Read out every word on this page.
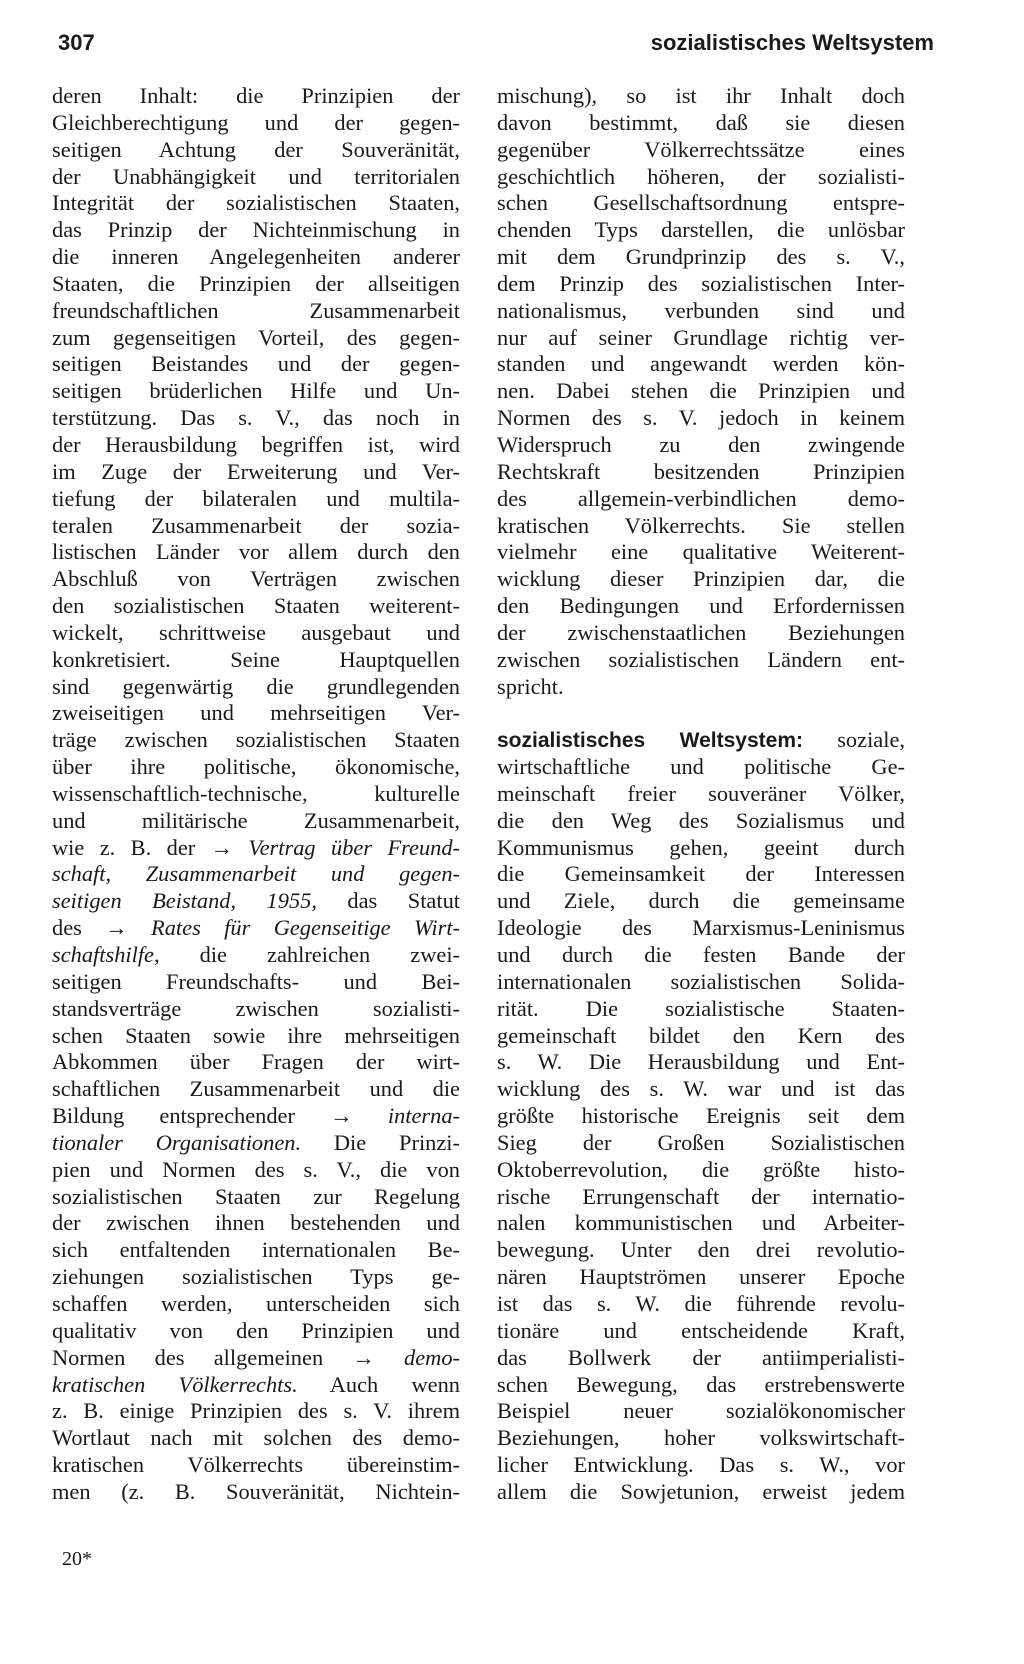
307	sozialistisches Weltsystem
deren Inhalt: die Prinzipien der
Gleichberechtigung und der gegen-
seitigen Achtung der Souveränität,
der Unabhängigkeit und territorialen
Integrität der sozialistischen Staaten,
das Prinzip der Nichteinmischung in
die inneren Angelegenheiten anderer
Staaten, die Prinzipien der allseitigen
freundschaftlichen Zusammenarbeit
zum gegenseitigen Vorteil, des gegen-
seitigen Beistandes und der gegen-
seitigen brüderlichen Hilfe und Un-
terstützung. Das s. V., das noch in
der Herausbildung begriffen ist, wird
im Zuge der Erweiterung und Ver-
tiefung der bilateralen und multila-
teralen Zusammenarbeit der sozia-
listischen Länder vor allem durch den
Abschluß von Verträgen zwischen
den sozialistischen Staaten weiterent-
wickelt, schrittweise ausgebaut und
konkretisiert. Seine Hauptquellen
sind gegenwärtig die grundlegenden
zweiseitigen und mehrseitigen Ver-
träge zwischen sozialistischen Staaten
über ihre politische, ökonomische,
wissenschaftlich-technische, kulturelle
und militärische Zusammenarbeit,
wie z. B. der → Vertrag über Freund-
schaft, Zusammenarbeit und gegen-
seitigen Beistand, 1955, das Statut
des → Rates für Gegenseitige Wirt-
schaftshilfe, die zahlreichen zwei-
seitigen Freundschafts- und Bei-
standsverträge zwischen sozialisti-
schen Staaten sowie ihre mehrseitigen
Abkommen über Fragen der wirt-
schaftlichen Zusammenarbeit und die
Bildung entsprechender → interna-
tionaler Organisationen. Die Prinzi-
pien und Normen des s. V., die von
sozialistischen Staaten zur Regelung
der zwischen ihnen bestehenden und
sich entfaltenden internationalen Be-
ziehungen sozialistischen Typs ge-
schaffen werden, unterscheiden sich
qualitativ von den Prinzipien und
Normen des allgemeinen → demo-
kratischen Völkerrechts. Auch wenn
z. B. einige Prinzipien des s. V. ihrem
Wortlaut nach mit solchen des demo-
kratischen Völkerrechts übereinstim-
men (z. B. Souveränität, Nichtein-
mischung), so ist ihr Inhalt doch
davon bestimmt, daß sie diesen
gegenüber Völkerrechtssätze eines
geschichtlich höheren, der sozialisti-
schen Gesellschaftsordnung entspre-
chenden Typs darstellen, die unlösbar
mit dem Grundprinzip des s. V.,
dem Prinzip des sozialistischen Inter-
nationalismus, verbunden sind und
nur auf seiner Grundlage richtig ver-
standen und angewandt werden kön-
nen. Dabei stehen die Prinzipien und
Normen des s. V. jedoch in keinem
Widerspruch zu den zwingende
Rechtskraft besitzenden Prinzipien
des allgemein-verbindlichen demo-
kratischen Völkerrechts. Sie stellen
vielmehr eine qualitative Weiterent-
wicklung dieser Prinzipien dar, die
den Bedingungen und Erfordernissen
der zwischenstaatlichen Beziehungen
zwischen sozialistischen Ländern ent-
spricht.
sozialistisches Weltsystem: soziale,
wirtschaftliche und politische Ge-
meinschaft freier souveräner Völker,
die den Weg des Sozialismus und
Kommunismus gehen, geeint durch
die Gemeinsamkeit der Interessen
und Ziele, durch die gemeinsame
Ideologie des Marxismus-Leninismus
und durch die festen Bande der
internationalen sozialistischen Solida-
rität. Die sozialistische Staaten-
gemeinschaft bildet den Kern des
s. W. Die Herausbildung und Ent-
wicklung des s. W. war und ist das
größte historische Ereignis seit dem
Sieg der Großen Sozialistischen
Oktoberrevolution, die größte histo-
rische Errungenschaft der internatio-
nalen kommunistischen und Arbeiter-
bewegung. Unter den drei revolutio-
nären Hauptströmen unserer Epoche
ist das s. W. die führende revolu-
tionäre und entscheidende Kraft,
das Bollwerk der antiimperialisti-
schen Bewegung, das erstrebenswerte
Beispiel neuer sozialökonomischer
Beziehungen, hoher volkswirtschaft-
licher Entwicklung. Das s. W., vor
allem die Sowjetunion, erweist jedem
20*
